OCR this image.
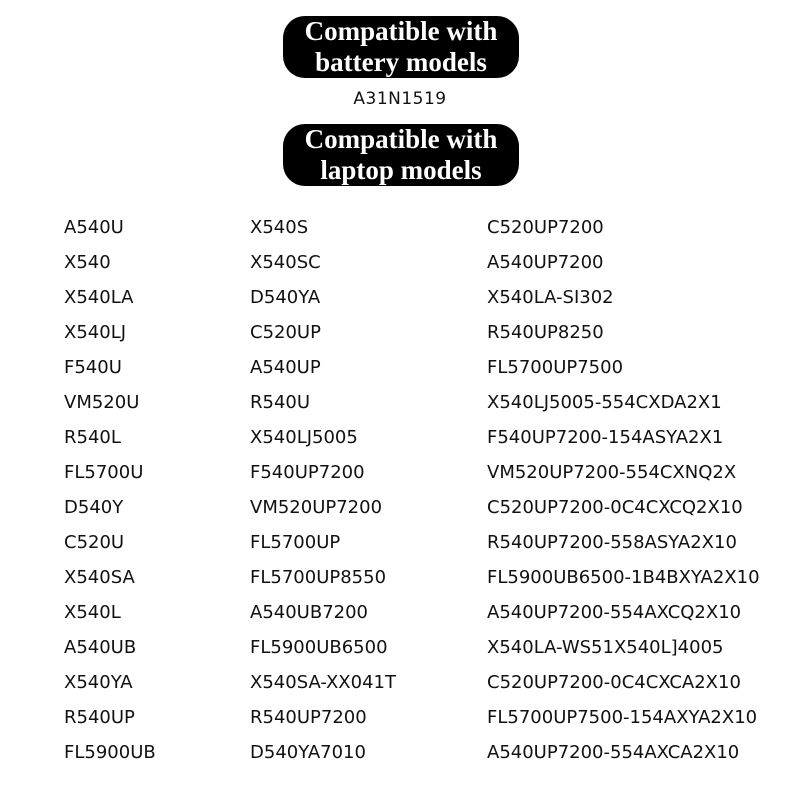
Compatible with
battery models
A31N1519
Compatible with
laptop models
A540U
X540
X540LA
X540LJ
F540U
VM520U
R540L
FL5700U
D540Y
C520U
X540SA
X540L
A540UB
X540YA
R540UP
FL5900UB
X540S
X540SC
D540YA
C520UP
A540UP
R540U
X540LJ5005
F540UP7200
VM520UP7200
FL5700UP
FL5700UP8550
A540UB7200
FL5900UB6500
X540SA-XX041T
R540UP7200
D540YA7010
C520UP7200
A540UP7200
X540LA-SI302
R540UP8250
FL5700UP7500
X540LJ5005-554CXDA2X1
F540UP7200-154ASYA2X1
VM520UP7200-554CXNQ2X
C520UP7200-0C4CXCQ2X10
R540UP7200-558ASYA2X10
FL5900UB6500-1B4BXYA2X10
A540UP7200-554AXCQ2X10
X540LA-WS51X540L]4005
C520UP7200-0C4CXCA2X10
FL5700UP7500-154AXYA2X10
A540UP7200-554AXCA2X10
